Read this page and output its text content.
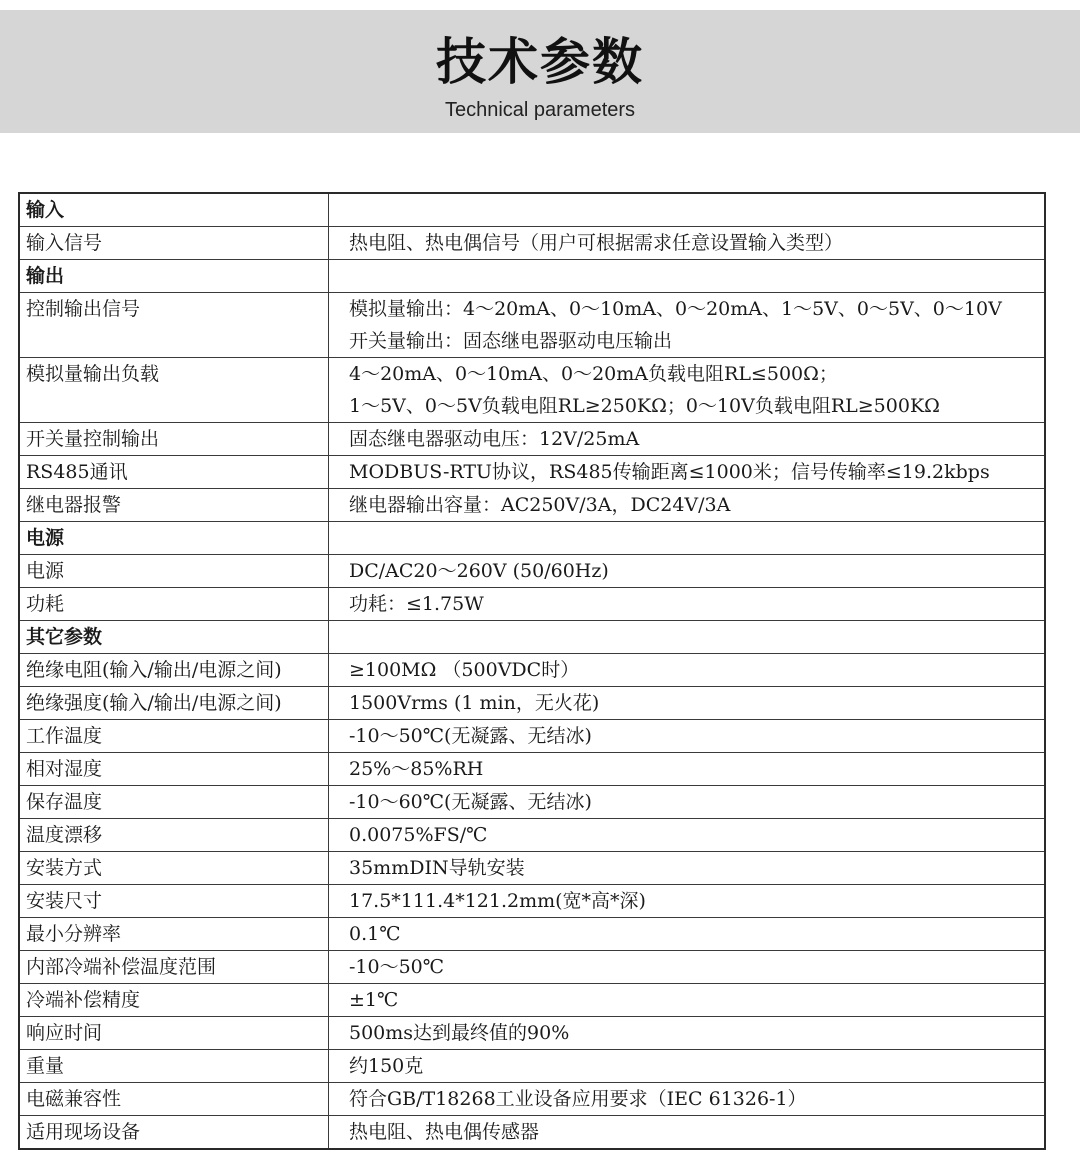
技术参数
Technical parameters
输入	

输入信号	热电阻、热电偶信号（用户可根据需求任意设置输入类型）

输出	

控制输出信号	模拟量输出：4～20mA、0～10mA、0～20mA、1～5V、0～5V、0～10V
开关量输出：固态继电器驱动电压输出

模拟量输出负载	4～20mA、0～10mA、0～20mA负载电阻RL≤500Ω；
1～5V、0～5V负载电阻RL≥250KΩ；0～10V负载电阻RL≥500KΩ

开关量控制输出	固态继电器驱动电压：12V/25mA

RS485通讯	MODBUS-RTU协议，RS485传输距离≤1000米；信号传输率≤19.2kbps

继电器报警	继电器输出容量：AC250V/3A，DC24V/3A

电源	

电源	DC/AC20～260V (50/60Hz)

功耗	功耗：≤1.75W

其它参数	

绝缘电阻(输入/输出/电源之间)	≥100MΩ （500VDC时）

绝缘强度(输入/输出/电源之间)	1500Vrms (1 min，无火花)

工作温度	-10～50℃(无凝露、无结冰)

相对湿度	25%～85%RH

保存温度	-10～60℃(无凝露、无结冰)

温度漂移	0.0075%FS/℃

安装方式	35mmDIN导轨安装

安装尺寸	17.5*111.4*121.2mm(宽*高*深)

最小分辨率	0.1℃

内部冷端补偿温度范围	-10～50℃

冷端补偿精度	±1℃

响应时间	500ms达到最终值的90%

重量	约150克

电磁兼容性	符合GB/T18268工业设备应用要求（IEC 61326-1）

适用现场设备	热电阻、热电偶传感器
